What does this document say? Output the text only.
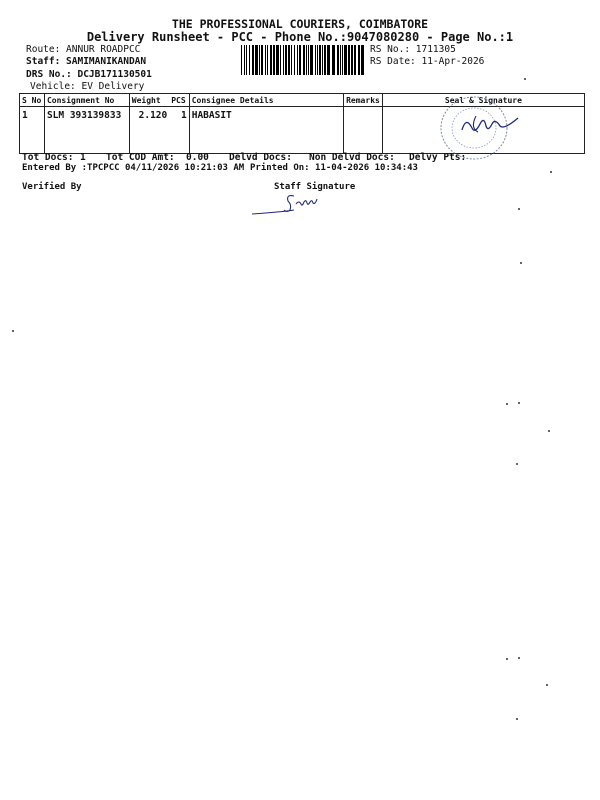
THE PROFESSIONAL COURIERS, COIMBATORE
Delivery Runsheet - PCC - Phone No.:9047080280 - Page No.:1
Route: ANNUR ROADPCC
Staff: SAMIMANIKANDAN
DRS No.: DCJB171130501
Vehicle: EV Delivery
RS No.: 1711305
RS Date: 11-Apr-2026
S No	Consignment No	Weight	PCS	Consignee Details	Remarks	Seal & Signature
1	SLM 393139833	2.120	1	HABASIT		
Tot Docs: 1 Tot COD Amt: 0.00 Delvd Docs: Non Delvd Docs: Delvy Pts:
Entered By :TPCPCC 04/11/2026 10:21:03 AM Printed On: 11-04-2026 10:34:43
Verified By	Staff Signature
